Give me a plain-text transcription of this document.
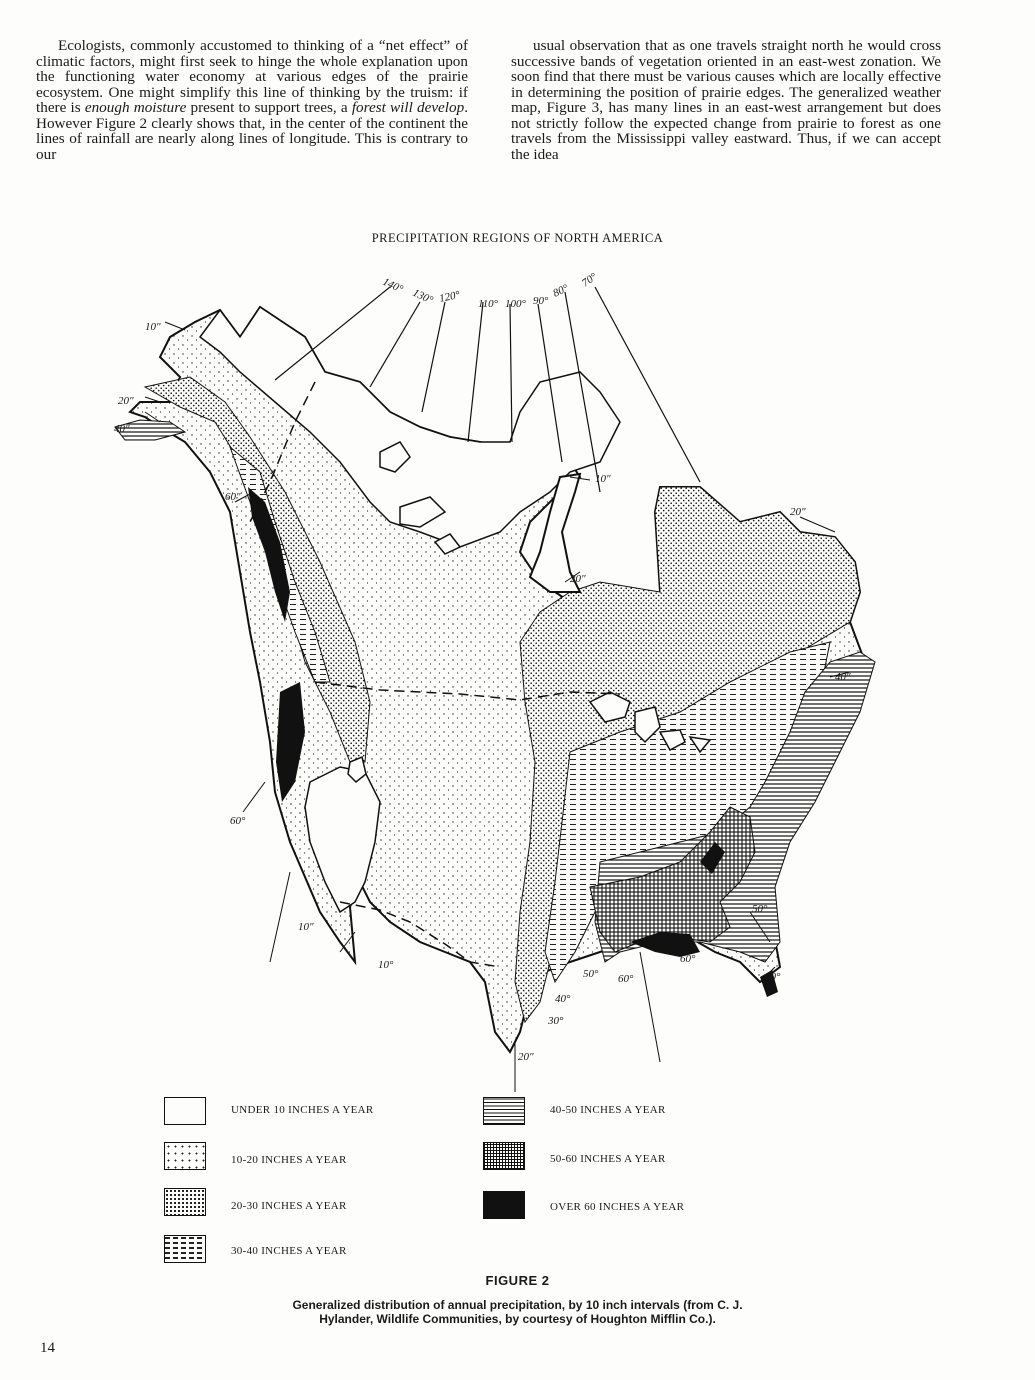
Ecologists, commonly accustomed to thinking of a “net effect” of climatic factors, might first seek to hinge the whole explanation upon the functioning water economy at various edges of the prairie ecosystem. One might simplify this line of thinking by the truism: if there is enough moisture present to support trees, a forest will develop. However Figure 2 clearly shows that, in the center of the continent the lines of rainfall are nearly along lines of longitude. This is contrary to our
usual observation that as one travels straight north he would cross successive bands of vegetation oriented in an east-west zonation. We soon find that there must be various causes which are locally effective in determining the position of prairie edges. The generalized weather map, Figure 3, has many lines in an east-west arrangement but does not strictly follow the expected change from prairie to forest as one travels from the Mississippi valley eastward. Thus, if we can accept the idea
PRECIPITATION REGIONS OF NORTH AMERICA
140°
130° 120° 110° 100° 90°
80°
70°
10"
20"
40"
60"
10"
20"
20"
40"
60°
10"
10°
50°
60°
50°
60°
60°
40°
30°
20"
UNDER 10 INCHES A YEAR
10-20 INCHES A YEAR
20-30 INCHES A YEAR
30-40 INCHES A YEAR
40-50 INCHES A YEAR
50-60 INCHES A YEAR
OVER 60 INCHES A YEAR
FIGURE 2
Generalized distribution of annual precipitation, by 10 inch intervals (from C. J. Hylander, Wildlife Communities, by courtesy of Houghton Mifflin Co.).
14
